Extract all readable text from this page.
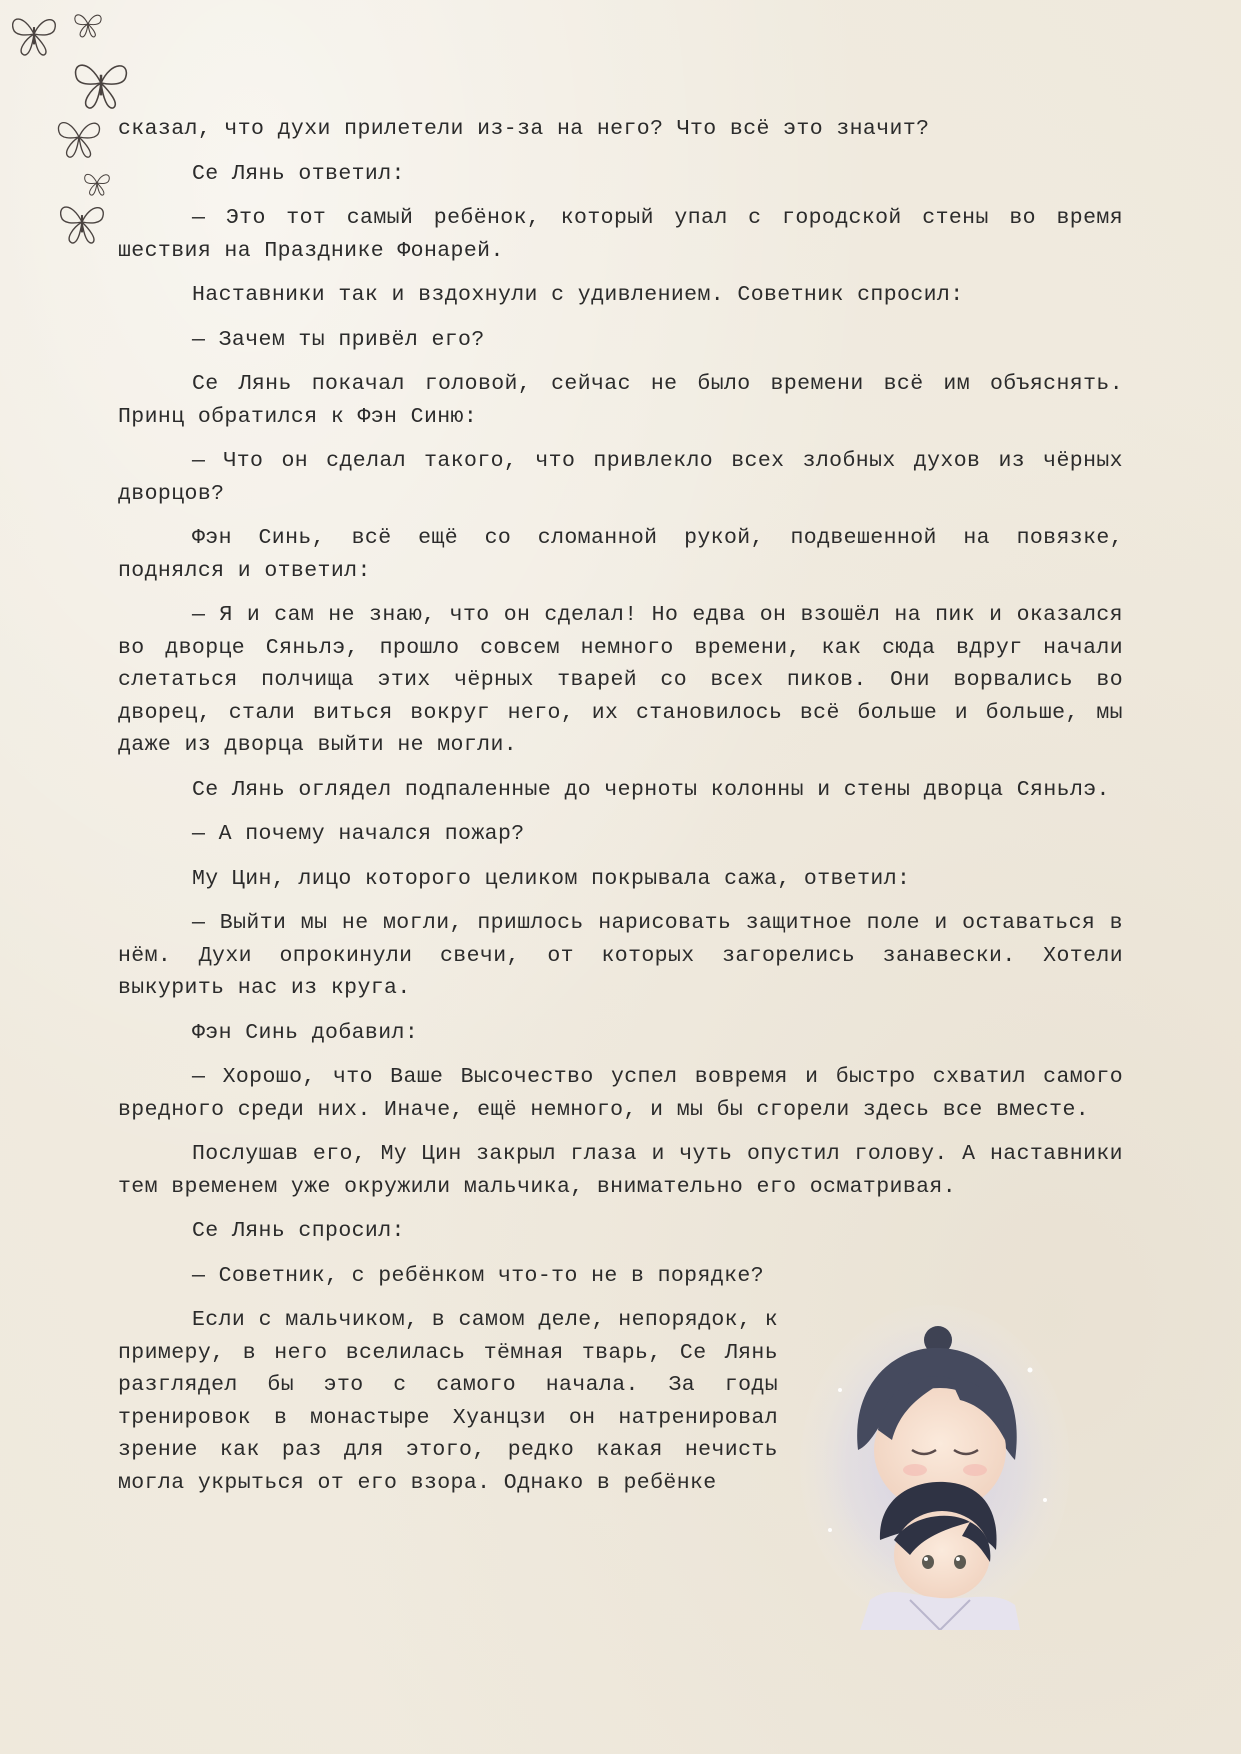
сказал, что духи прилетели из-за на него? Что всё это значит?

Се Лянь ответил:

— Это тот самый ребёнок, который упал с городской стены во время шествия на Празднике Фонарей.

Наставники так и вздохнули с удивлением. Советник спросил:

— Зачем ты привёл его?

Се Лянь покачал головой, сейчас не было времени всё им объяснять. Принц обратился к Фэн Синю:

— Что он сделал такого, что привлекло всех злобных духов из чёрных дворцов?

Фэн Синь, всё ещё со сломанной рукой, подвешенной на повязке, поднялся и ответил:

— Я и сам не знаю, что он сделал! Но едва он взошёл на пик и оказался во дворце Сяньлэ, прошло совсем немного времени, как сюда вдруг начали слетаться полчища этих чёрных тварей со всех пиков. Они ворвались во дворец, стали виться вокруг него, их становилось всё больше и больше, мы даже из дворца выйти не могли.

Се Лянь оглядел подпаленные до черноты колонны и стены дворца Сяньлэ.

— А почему начался пожар?

Му Цин, лицо которого целиком покрывала сажа, ответил:

— Выйти мы не могли, пришлось нарисовать защитное поле и оставаться в нём. Духи опрокинули свечи, от которых загорелись занавески. Хотели выкурить нас из круга.

Фэн Синь добавил:

— Хорошо, что Ваше Высочество успел вовремя и быстро схватил самого вредного среди них. Иначе, ещё немного, и мы бы сгорели здесь все вместе.

Послушав его, Му Цин закрыл глаза и чуть опустил голову. А наставники тем временем уже окружили мальчика, внимательно его осматривая.

Се Лянь спросил:

— Советник, с ребёнком что-то не в порядке?

Если с мальчиком, в самом деле, непорядок, к примеру, в него вселилась тёмная тварь, Се Лянь разглядел бы это с самого начала. За годы тренировок в монастыре Хуанцзи он натренировал зрение как раз для этого, редко какая нечисть могла укрыться от его взора. Однако в ребёнке
